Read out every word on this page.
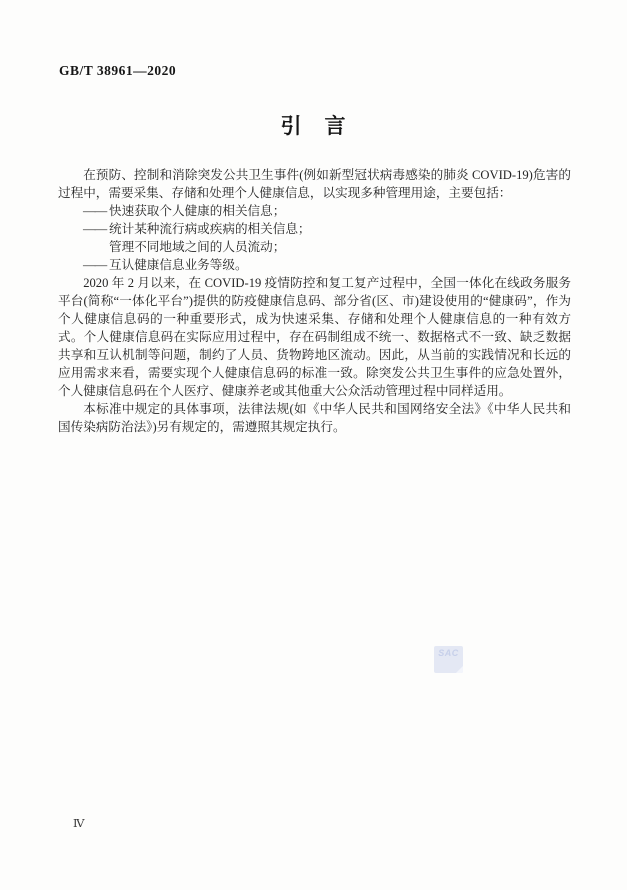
GB/T 38961—2020
引　言

在预防、控制和消除突发公共卫生事件(例如新型冠状病毒感染的肺炎 COVID-19)危害的过程中，需要采集、存储和处理个人健康信息，以实现多种管理用途，主要包括：

—— 快速获取个人健康的相关信息；
—— 统计某种流行病或疾病的相关信息；
管理不同地域之间的人员流动；
—— 互认健康信息业务等级。

2020 年 2 月以来，在 COVID-19 疫情防控和复工复产过程中，全国一体化在线政务服务平台(简称“一体化平台”)提供的防疫健康信息码、部分省(区、市)建设使用的“健康码”，作为个人健康信息码的一种重要形式，成为快速采集、存储和处理个人健康信息的一种有效方式。个人健康信息码在实际应用过程中，存在码制组成不统一、数据格式不一致、缺乏数据共享和互认机制等问题，制约了人员、货物跨地区流动。因此，从当前的实践情况和长远的应用需求来看，需要实现个人健康信息码的标准一致。除突发公共卫生事件的应急处置外，个人健康信息码在个人医疗、健康养老或其他重大公众活动管理过程中同样适用。

本标准中规定的具体事项，法律法规(如《中华人民共和国网络安全法》《中华人民共和国传染病防治法》)另有规定的，需遵照其规定执行。

SAC
Ⅳ
